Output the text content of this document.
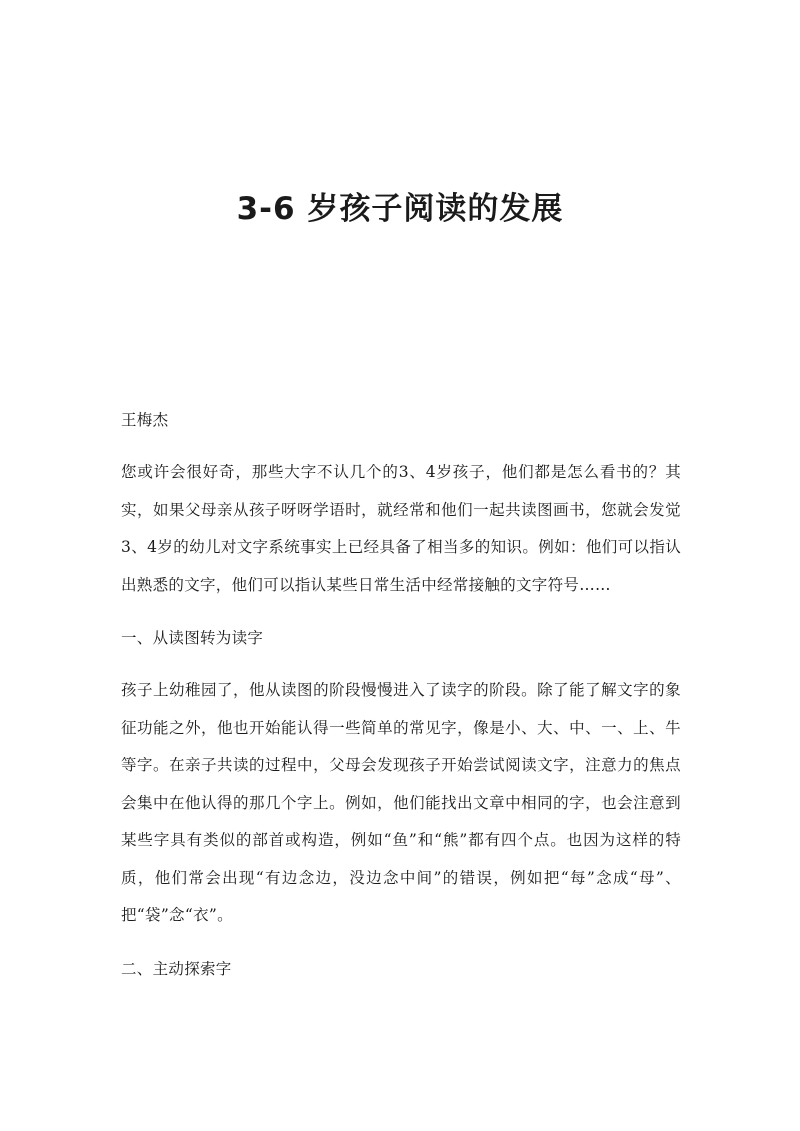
3-6 岁孩子阅读的发展

王梅杰

您或许会很好奇，那些大字不认几个的3、4岁孩子，他们都是怎么看书的？其实，如果父母亲从孩子呀呀学语时，就经常和他们一起共读图画书，您就会发觉3、4岁的幼儿对文字系统事实上已经具备了相当多的知识。例如：他们可以指认出熟悉的文字，他们可以指认某些日常生活中经常接触的文字符号……

一、从读图转为读字

孩子上幼稚园了，他从读图的阶段慢慢进入了读字的阶段。除了能了解文字的象征功能之外，他也开始能认得一些简单的常见字，像是小、大、中、一、上、牛等字。在亲子共读的过程中，父母会发现孩子开始尝试阅读文字，注意力的焦点会集中在他认得的那几个字上。例如，他们能找出文章中相同的字，也会注意到某些字具有类似的部首或构造，例如“鱼”和“熊”都有四个点。也因为这样的特质，他们常会出现“有边念边，没边念中间”的错误，例如把“每”念成“母”、把“袋”念“衣”。

二、主动探索字
